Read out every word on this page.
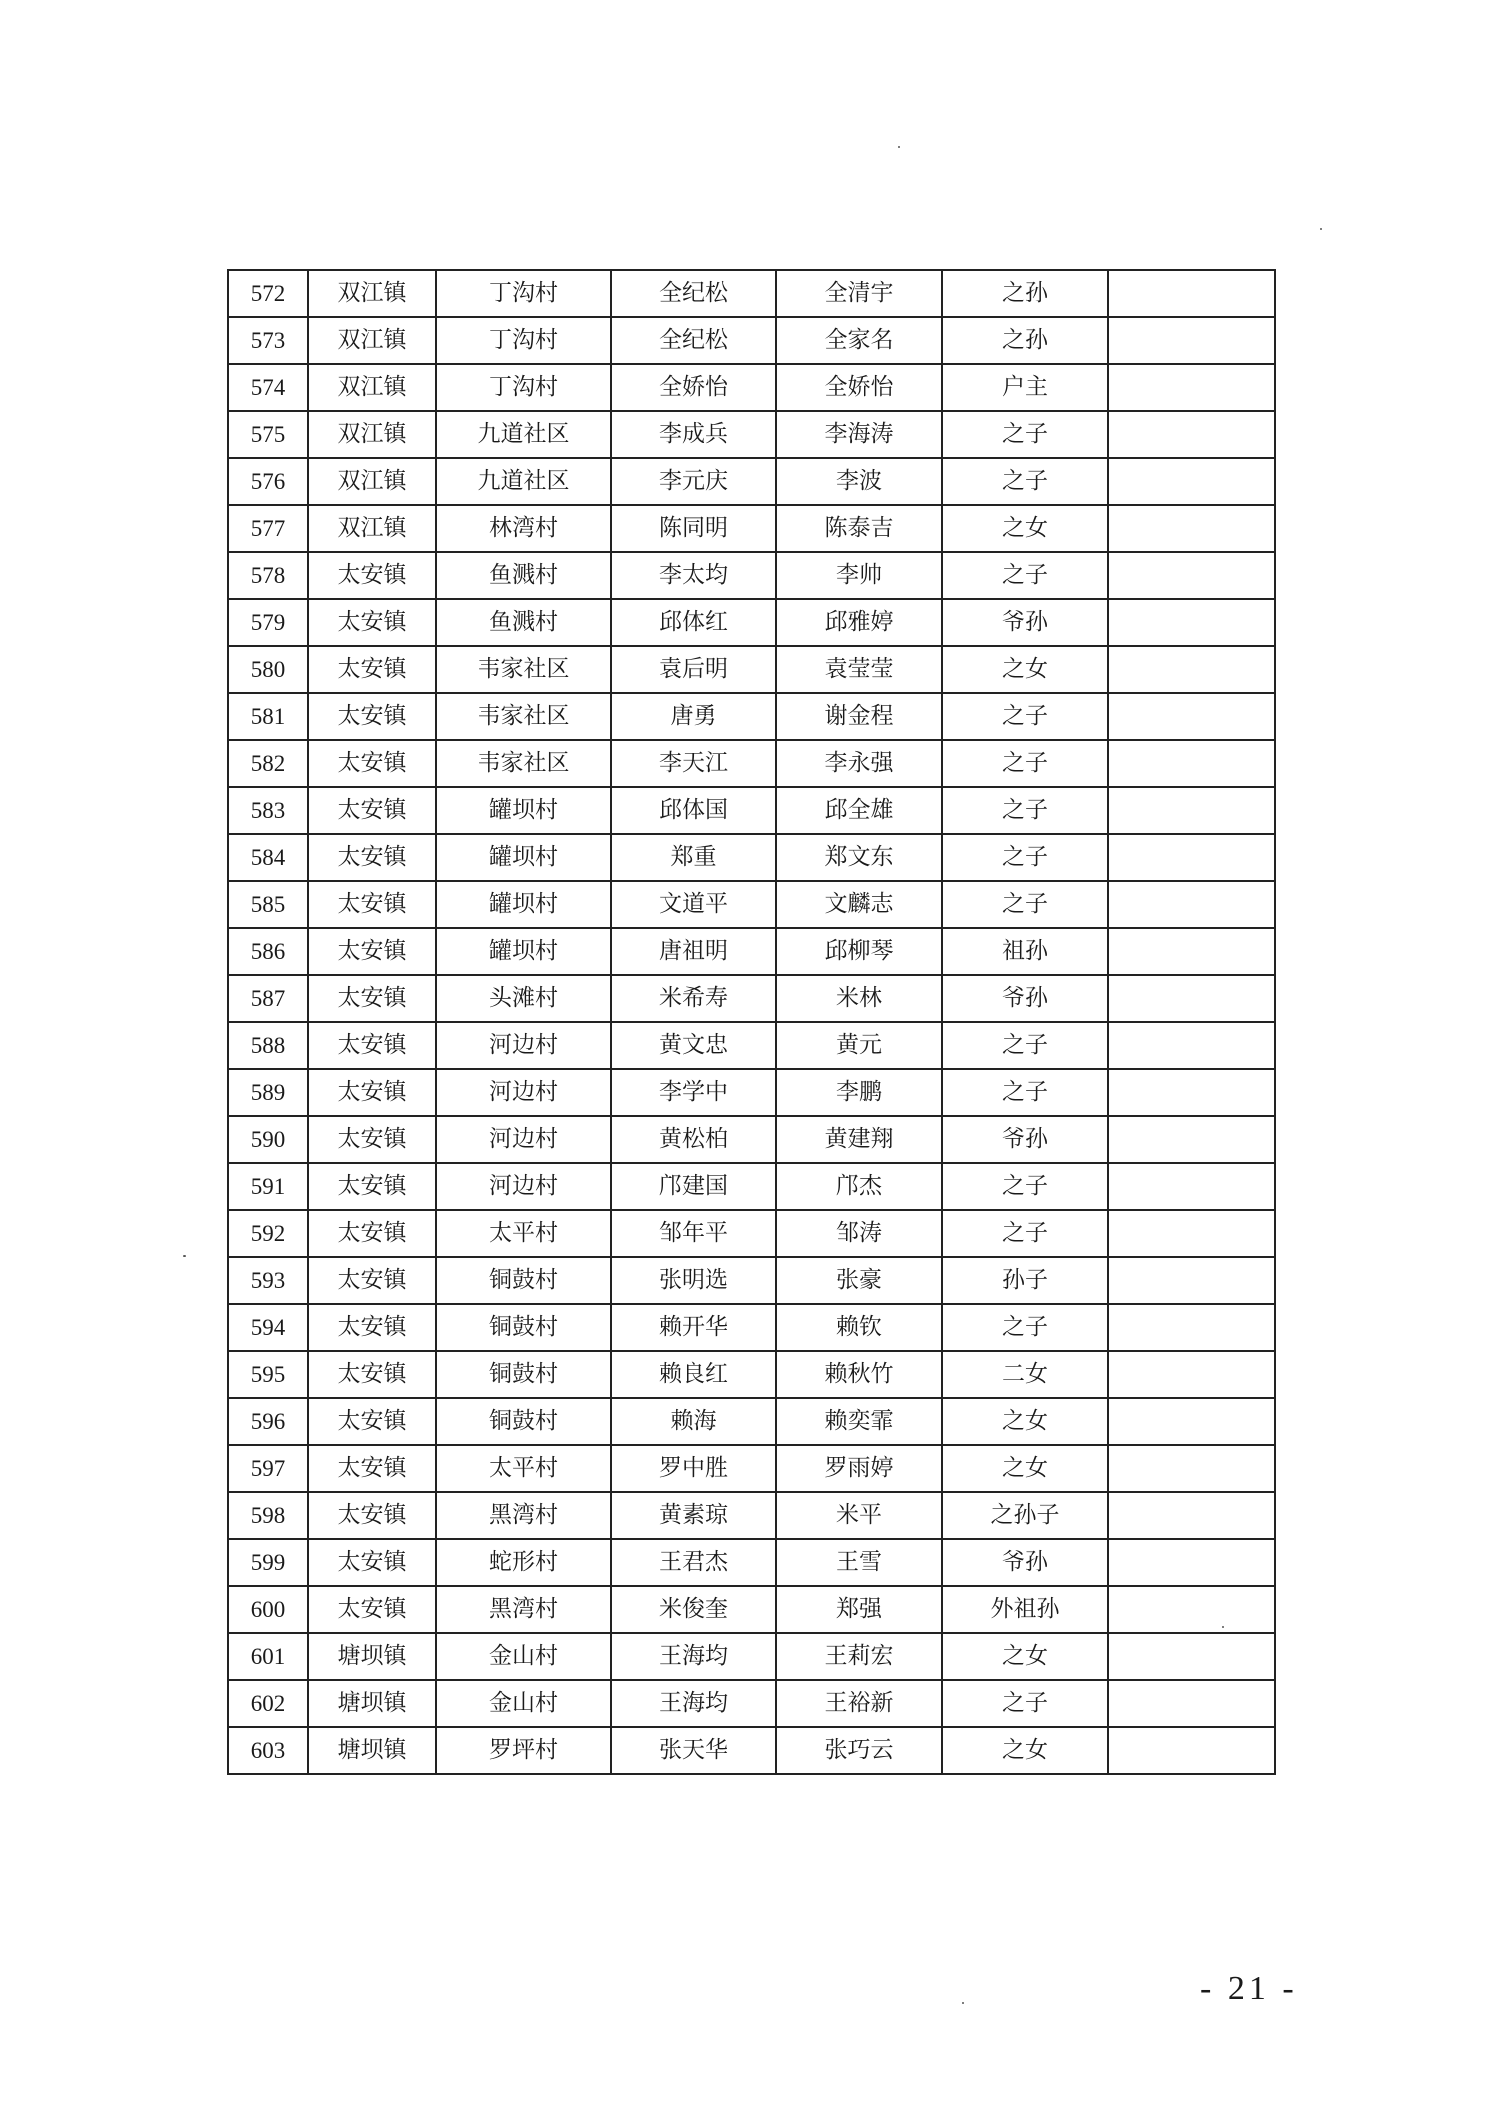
572	双江镇	丁沟村	全纪松	全清宇	之孙	
573	双江镇	丁沟村	全纪松	全家名	之孙	
574	双江镇	丁沟村	全娇怡	全娇怡	户主	
575	双江镇	九道社区	李成兵	李海涛	之子	
576	双江镇	九道社区	李元庆	李波	之子	
577	双江镇	林湾村	陈同明	陈泰吉	之女	
578	太安镇	鱼溅村	李太均	李帅	之子	
579	太安镇	鱼溅村	邱体红	邱雅婷	爷孙	
580	太安镇	韦家社区	袁后明	袁莹莹	之女	
581	太安镇	韦家社区	唐勇	谢金程	之子	
582	太安镇	韦家社区	李天江	李永强	之子	
583	太安镇	罐坝村	邱体国	邱全雄	之子	
584	太安镇	罐坝村	郑重	郑文东	之子	
585	太安镇	罐坝村	文道平	文麟志	之子	
586	太安镇	罐坝村	唐祖明	邱柳琴	祖孙	
587	太安镇	头滩村	米希寿	米林	爷孙	
588	太安镇	河边村	黄文忠	黄元	之子	
589	太安镇	河边村	李学中	李鹏	之子	
590	太安镇	河边村	黄松柏	黄建翔	爷孙	
591	太安镇	河边村	邝建国	邝杰	之子	
592	太安镇	太平村	邹年平	邹涛	之子	
593	太安镇	铜鼓村	张明选	张豪	孙子	
594	太安镇	铜鼓村	赖开华	赖钦	之子	
595	太安镇	铜鼓村	赖良红	赖秋竹	二女	
596	太安镇	铜鼓村	赖海	赖奕霏	之女	
597	太安镇	太平村	罗中胜	罗雨婷	之女	
598	太安镇	黑湾村	黄素琼	米平	之孙子	
599	太安镇	蛇形村	王君杰	王雪	爷孙	
600	太安镇	黑湾村	米俊奎	郑强	外祖孙	
601	塘坝镇	金山村	王海均	王莉宏	之女	
602	塘坝镇	金山村	王海均	王裕新	之子	
603	塘坝镇	罗坪村	张天华	张巧云	之女	
- 21 -
